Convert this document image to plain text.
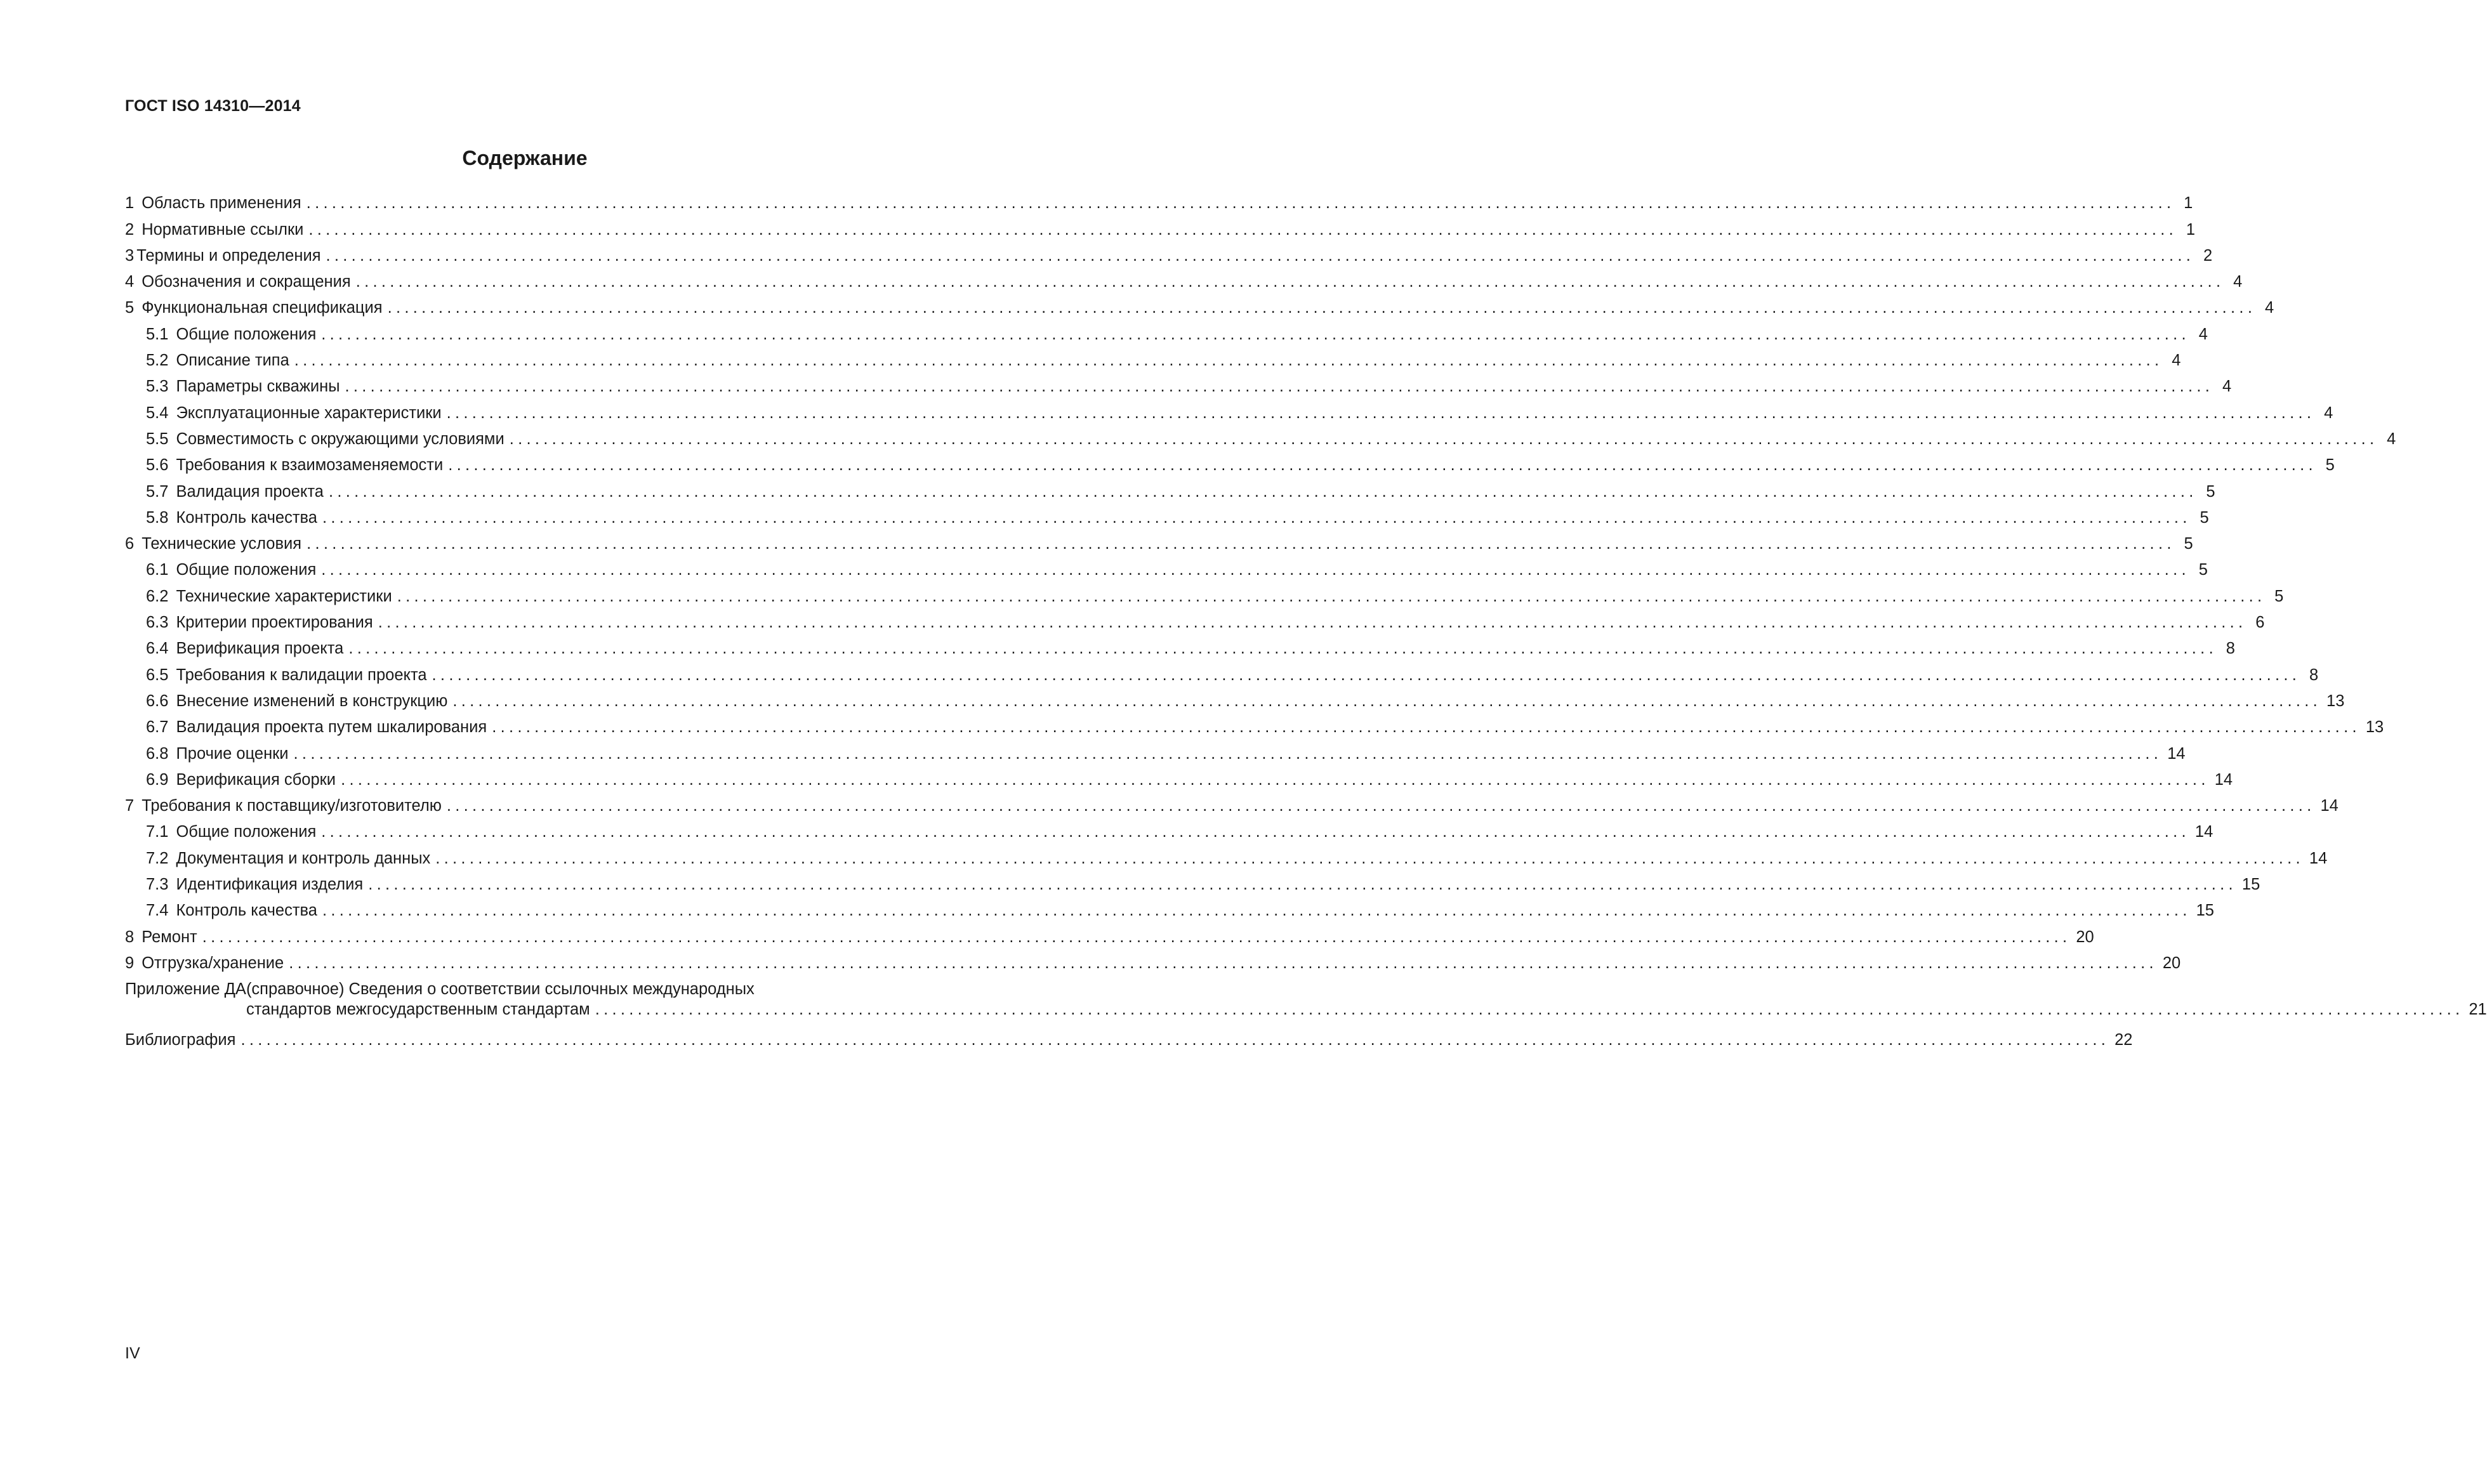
ГОСТ ISO 14310—2014
Содержание
1 Область применения ............................................................................................................................................................................................................................ 1
2 Нормативные ссылки ............................................................................................................................................................................................................................ 1
3 Термины и определения ............................................................................................................................................................................................................................ 2
4 Обозначения и сокращения ............................................................................................................................................................................................................................ 4
5 Функциональная спецификация ............................................................................................................................................................................................................................ 4
5.1 Общие положения ............................................................................................................................................................................................................................ 4
5.2 Описание типа ............................................................................................................................................................................................................................ 4
5.3 Параметры скважины ............................................................................................................................................................................................................................ 4
5.4 Эксплуатационные характеристики ............................................................................................................................................................................................................................ 4
5.5 Совместимость с окружающими условиями ............................................................................................................................................................................................................................ 4
5.6 Требования к взаимозаменяемости ............................................................................................................................................................................................................................ 5
5.7 Валидация проекта ............................................................................................................................................................................................................................ 5
5.8 Контроль качества ............................................................................................................................................................................................................................ 5
6 Технические условия ............................................................................................................................................................................................................................ 5
6.1 Общие положения ............................................................................................................................................................................................................................ 5
6.2 Технические характеристики ............................................................................................................................................................................................................................ 5
6.3 Критерии проектирования ............................................................................................................................................................................................................................ 6
6.4 Верификация проекта ............................................................................................................................................................................................................................ 8
6.5 Требования к валидации проекта ............................................................................................................................................................................................................................ 8
6.6 Внесение изменений в конструкцию ............................................................................................................................................................................................................................ 13
6.7 Валидация проекта путем шкалирования ............................................................................................................................................................................................................................ 13
6.8 Прочие оценки ............................................................................................................................................................................................................................ 14
6.9 Верификация сборки ............................................................................................................................................................................................................................ 14
7 Требования к поставщику/изготовителю ............................................................................................................................................................................................................................ 14
7.1 Общие положения ............................................................................................................................................................................................................................ 14
7.2 Документация и контроль данных ............................................................................................................................................................................................................................ 14
7.3 Идентификация изделия ............................................................................................................................................................................................................................ 15
7.4 Контроль качества ............................................................................................................................................................................................................................ 15
8 Ремонт ............................................................................................................................................................................................................................ 20
9 Отгрузка/хранение ............................................................................................................................................................................................................................ 20
Приложение ДА (справочное) Сведения о соответствии ссылочных международных
стандартов межгосударственным стандартам ............................................................................................................................................................................................................................ 21
Библиография ............................................................................................................................................................................................................................ 22
IV
